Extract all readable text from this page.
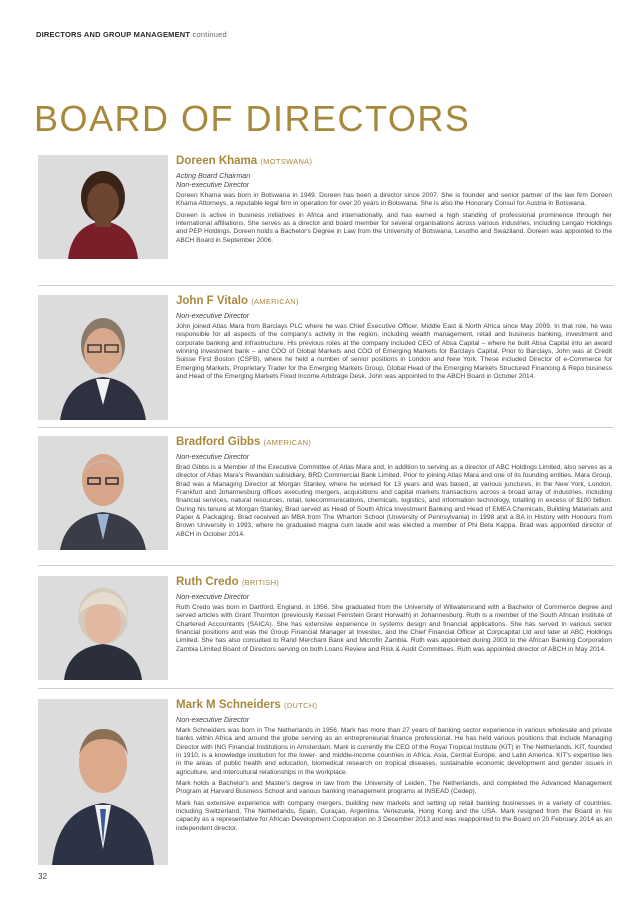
DIRECTORS AND GROUP MANAGEMENT continued
BOARD OF DIRECTORS
Doreen Khama (MOTSWANA)
Acting Board Chairman
Non-executive Director

Doreen Khama was born in Botswana in 1949. Doreen has been a director since 2007. She is founder and senior partner of the law firm Doreen Khama Attorneys, a reputable legal firm in operation for over 20 years in Botswana. She is also the Honorary Consul for Austria in Botswana.

Doreen is active in business initiatives in Africa and internationally, and has earned a high standing of professional prominence through her international affiliations. She serves as a director and board member for several organisations across various industries, including Lengao Holdings and PEP Holdings. Doreen holds a Bachelor's Degree in Law from the University of Botswana, Lesotho and Swaziland. Doreen was appointed to the ABCH Board in September 2006.

John F Vitalo (AMERICAN)
Non-executive Director

John joined Atlas Mara from Barclays PLC where he was Chief Executive Officer, Middle East & North Africa since May 2009. In that role, he was responsible for all aspects of the company's activity in the region, including wealth management, retail and business banking, investment and corporate banking and infrastructure. His previous roles at the company included CEO of Absa Capital – where he built Absa Capital into an award winning investment bank – and COO of Global Markets and COO of Emerging Markets for Barclays Capital. Prior to Barclays, John was at Credit Suisse First Boston (CSFB), where he held a number of senior positions in London and New York. These included Director of e-Commerce for Emerging Markets, Proprietary Trader for the Emerging Markets Group, Global Head of the Emerging Markets Structured Financing & Repo business and Head of the Emerging Markets Fixed Income Arbitrage Desk. John was appointed to the ABCH Board in October 2014.

Bradford Gibbs (AMERICAN)
Non-executive Director

Brad Gibbs is a Member of the Executive Committee of Atlas Mara and, in addition to serving as a director of ABC Holdings Limited, also serves as a director of Atlas Mara's Rwandan subsidiary, BRD Commercial Bank Limited. Prior to joining Atlas Mara and one of its founding entities, Mara Group, Brad was a Managing Director at Morgan Stanley, where he worked for 13 years and was based, at various junctures, in the New York, London, Frankfurt and Johannesburg offices executing mergers, acquisitions and capital markets transactions across a broad array of industries, including financial services, natural resources, retail, telecommunications, chemicals, logistics, and information technology, totalling in excess of $100 billion. During his tenure at Morgan Stanley, Brad served as Head of South Africa Investment Banking and Head of EMEA Chemicals, Building Materials and Paper & Packaging. Brad received an MBA from The Wharton School (University of Pennsylvania) in 1998 and a BA in History with Honours from Brown University in 1993, where he graduated magna cum laude and was elected a member of Phi Beta Kappa. Brad was appointed director of ABCH in October 2014.

Ruth Credo (BRITISH)
Non-executive Director

Ruth Credo was born in Dartford, England, in 1956. She graduated from the University of Witwatersrand with a Bachelor of Commerce degree and served articles with Grant Thornton (previously Kessel Feinstein Grant Horwath) in Johannesburg. Ruth is a member of the South African Institute of Chartered Accountants (SAICA). She has extensive experience in systems design and financial applications. She has served in various senior financial positions and was the Group Financial Manager at Investec, and the Chief Financial Officer at Corpcapital Ltd and later at ABC Holdings Limited. She has also consulted to Rand Merchant Bank and Microfin Zambia. Ruth was appointed during 2003 to the African Banking Corporation Zambia Limited Board of Directors serving on both Loans Review and Risk & Audit Committees. Ruth was appointed director of ABCH in May 2014.

Mark M Schneiders (DUTCH)
Non-executive Director

Mark Schneiders was born in The Netherlands in 1956. Mark has more than 27 years of banking sector experience in various wholesale and private banks within Africa and around the globe serving as an entrepreneurial finance professional. He has held various positions that include Managing Director with ING Financial Institutions in Amsterdam. Mark is currently the CEO of the Royal Tropical Institute (KIT) in The Netherlands. KIT, founded in 1910, is a knowledge institution for the lower- and middle-income countries in Africa, Asia, Central Europe, and Latin America. KIT's expertise lies in the areas of public health and education, biomedical research on tropical diseases, sustainable economic development and gender issues in agriculture, and intercultural relationships in the workplace.

Mark holds a Bachelor's and Master's degree in law from the University of Leiden, The Netherlands, and completed the Advanced Management Program at Harvard Business School and various banking management programs at INSEAD (Cedep).

Mark has extensive experience with company mergers, building new markets and setting up retail banking businesses in a variety of countries, including Switzerland, The Netherlands, Spain, Curaçao, Argentina, Venezuela, Hong Kong and the USA. Mark resigned from the Board in his capacity as a representative for African Development Corporation on 3 December 2013 and was reappointed to the Board on 20 February 2014 as an independent director.

32
